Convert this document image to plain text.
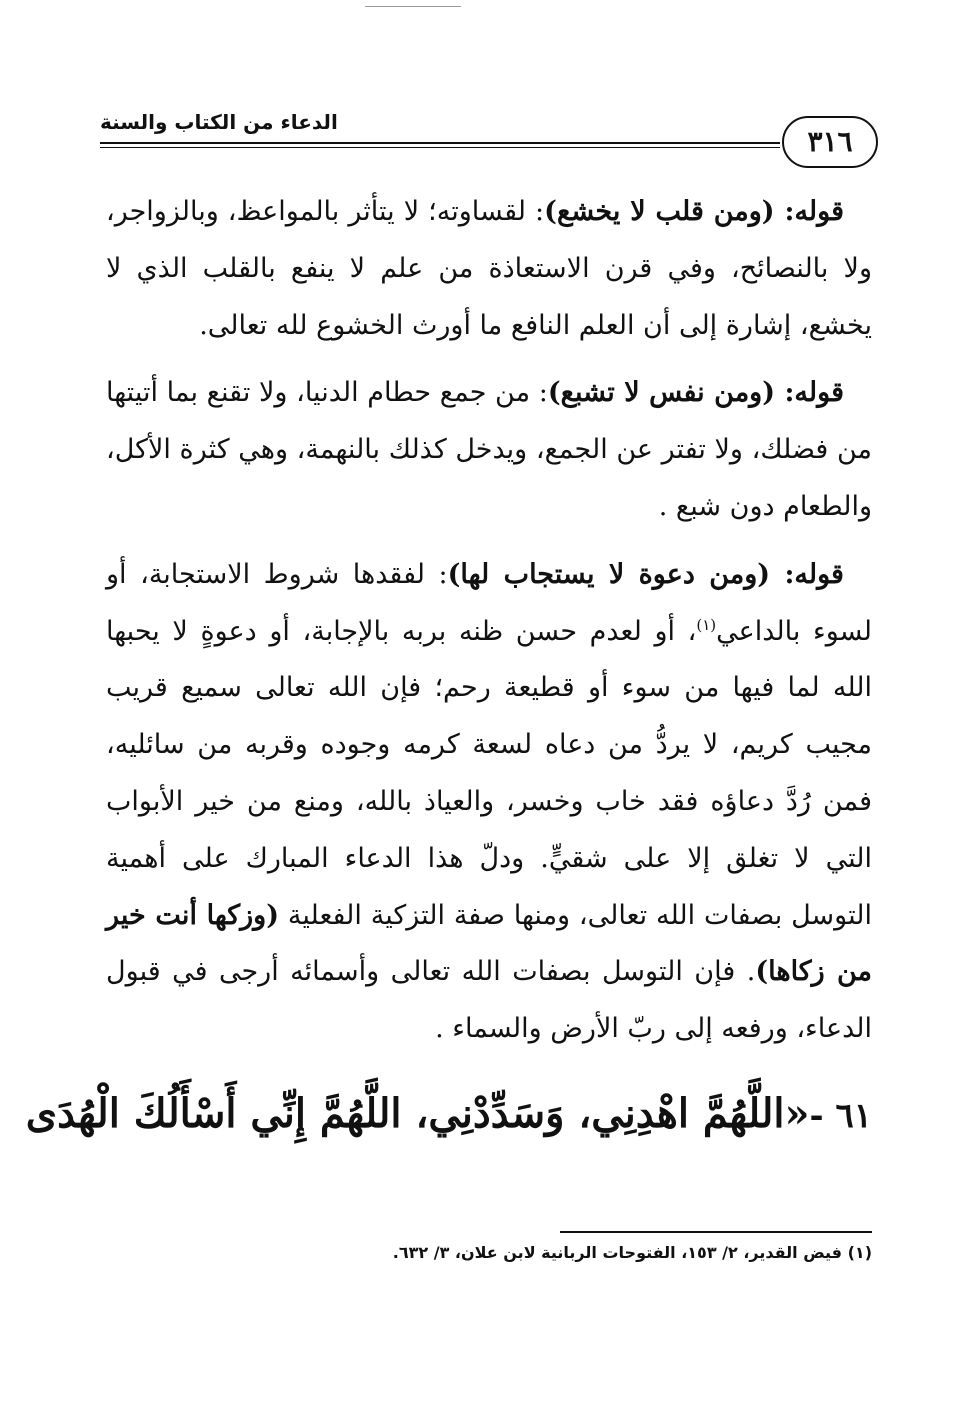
الدعاء من الكتاب والسنة
٣١٦

قوله: (ومن قلب لا يخشع): لقساوته؛ لا يتأثر بالمواعظ، وبالزواجر، ولا بالنصائح، وفي قرن الاستعاذة من علم لا ينفع بالقلب الذي لا يخشع، إشارة إلى أن العلم النافع ما أورث الخشوع لله تعالى.

قوله: (ومن نفس لا تشبع): من جمع حطام الدنيا، ولا تقنع بما أتيتها من فضلك، ولا تفتر عن الجمع، ويدخل كذلك بالنهمة، وهي كثرة الأكل، والطعام دون شبع .

قوله: (ومن دعوة لا يستجاب لها): لفقدها شروط الاستجابة، أو لسوء بالداعي$^{(١)}$، أو لعدم حسن ظنه بربه بالإجابة، أو دعوةٍ لا يحبها الله لما فيها من سوء أو قطيعة رحم؛ فإن الله تعالى سميع قريب مجيب كريم، لا يردُّ من دعاه لسعة كرمه وجوده وقربه من سائليه، فمن رُدَّ دعاؤه فقد خاب وخسر، والعياذ بالله، ومنع من خير الأبواب التي لا تغلق إلا على شقيٍّ. ودلّ هذا الدعاء المبارك على أهمية التوسل بصفات الله تعالى، ومنها صفة التزكية الفعلية (وزكها أنت خير من زكاها). فإن التوسل بصفات الله تعالى وأسمائه أرجى في قبول الدعاء، ورفعه إلى ربّ الأرض والسماء .

٦١ -«اللَّهُمَّ اهْدِنِي، وَسَدِّدْنِي، اللَّهُمَّ إِنِّي أَسْأَلُكَ الْهُدَى
(١) فيض القدير، ٢/ ١٥٣، الفتوحات الربانية لابن علان، ٣/ ٦٣٢.
